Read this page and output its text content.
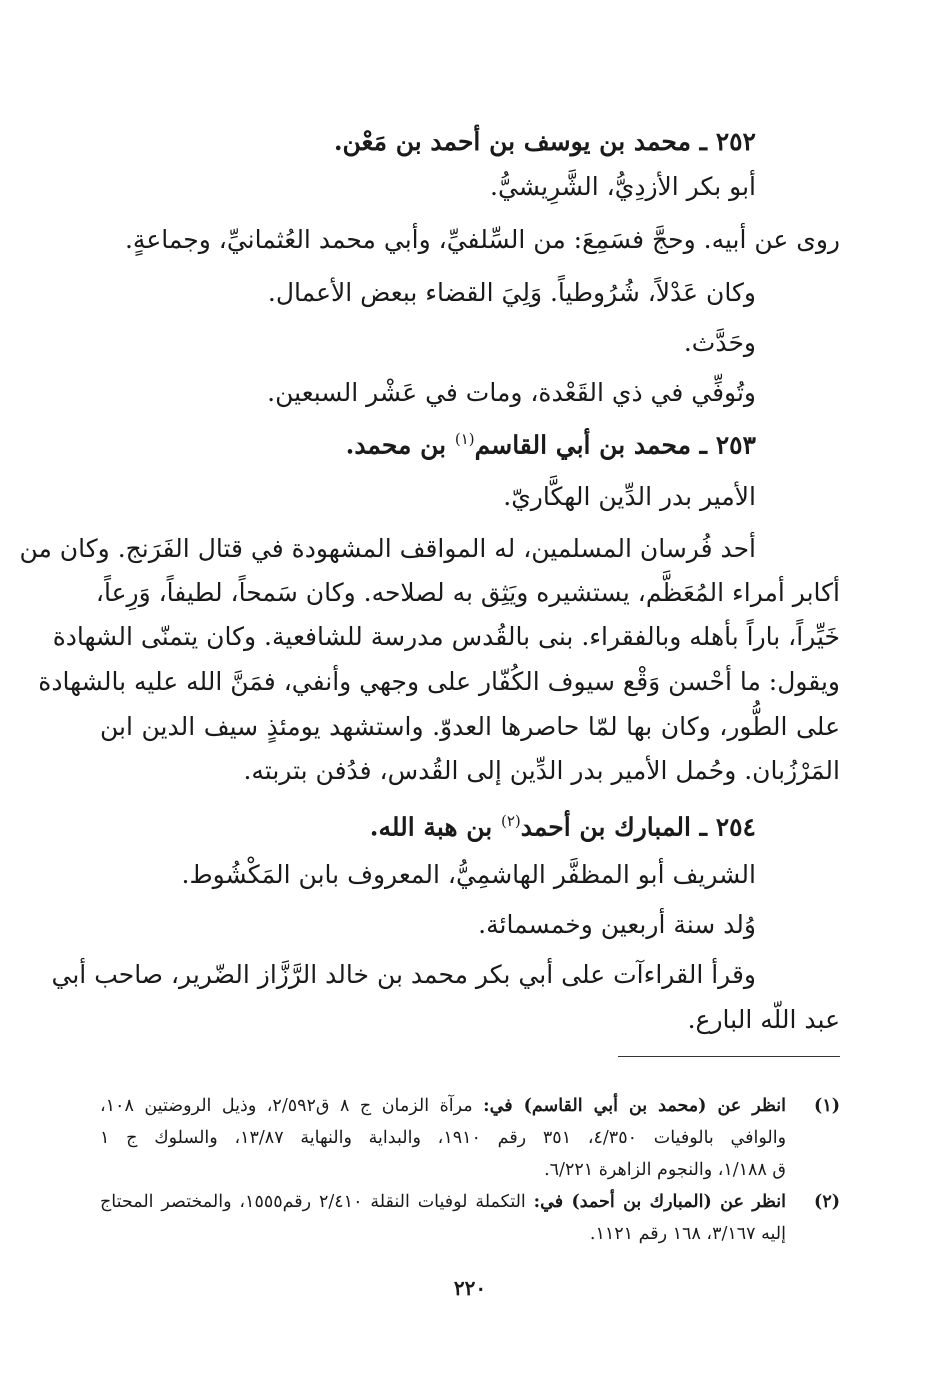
٢٥٢ ـ محمد بن يوسف بن أحمد بن مَعْن.
أبو بكر الأزدِيُّ، الشَّرِيشيُّ.
روى عن أبيه. وحجَّ فسَمِعَ: من السِّلفيِّ، وأبي محمد العُثمانيِّ، وجماعةٍ.
وكان عَدْلاً، شُرُوطياً. وَلِيَ القضاء ببعض الأعمال.
وحَدَّث.
وتُوفِّي في ذي القَعْدة، ومات في عَشْر السبعين.
٢٥٣ ـ محمد بن أبي القاسم$^{(١)}$ بن محمد.
الأمير بدر الدِّين الهكَّاريّ.
أحد فُرسان المسلمين، له المواقف المشهودة في قتال الفَرَنج. وكان من
أكابر أمراء المُعَظَّم، يستشيره ويَثِق به لصلاحه. وكان سَمحاً، لطيفاً، وَرِعاً،
خَيِّراً، باراً بأهله وبالفقراء. بنى بالقُدس مدرسة للشافعية. وكان يتمنّى الشهادة
ويقول: ما أحْسن وَقْع سيوف الكُفّار على وجهي وأنفي، فمَنَّ الله عليه بالشهادة
على الطُّور، وكان بها لمّا حاصرها العدوّ. واستشهد يومئذٍ سيف الدين ابن
المَرْزُبان. وحُمل الأمير بدر الدِّين إلى القُدس، فدُفن بتربته.
٢٥٤ ـ المبارك بن أحمد$^{(٢)}$ بن هبة الله.
الشريف أبو المظفَّر الهاشمِيُّ، المعروف بابن المَكْشُوط.
وُلد سنة أربعين وخمسمائة.
وقرأ القراءآت على أبي بكر محمد بن خالد الرَّزَّاز الضّرير، صاحب أبي
عبد اللّه البارع.
(١)
انظر عن (محمد بن أبي القاسم) في: مرآة الزمان ج ٨ ق٢/٥٩٢، وذيل الروضتين ١٠٨،
والوافي بالوفيات ٤/٣٥٠، ٣٥١ رقم ١٩١٠، والبداية والنهاية ١٣/٨٧، والسلوك ج ١
ق ١/١٨٨، والنجوم الزاهرة ٦/٢٢١.
(٢)
انظر عن (المبارك بن أحمد) في: التكملة لوفيات النقلة ٢/٤١٠ رقم١٥٥٥، والمختصر المحتاج
إليه ٣/١٦٧، ١٦٨ رقم ١١٢١.
٢٢٠
